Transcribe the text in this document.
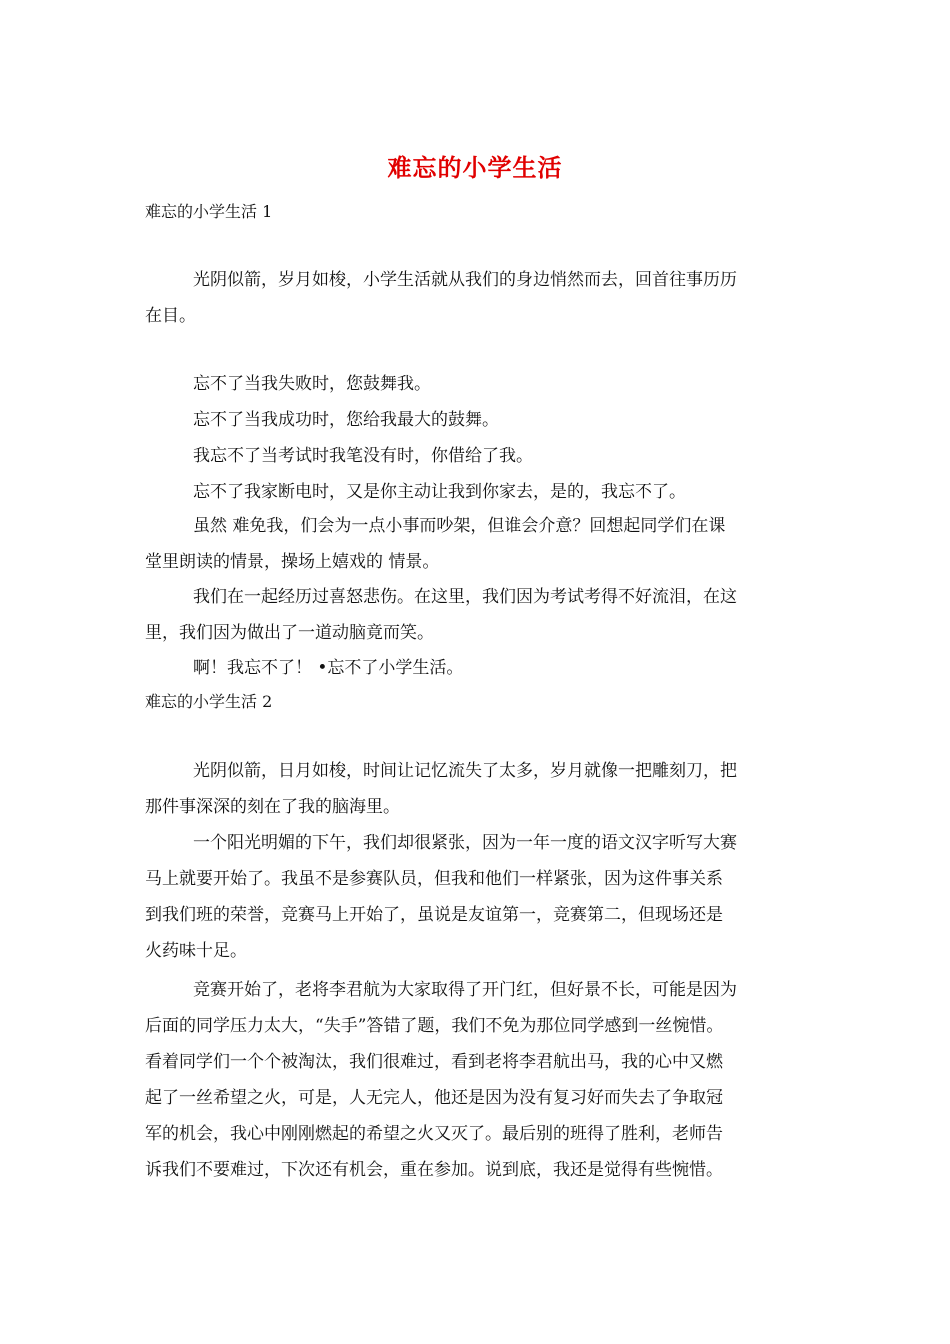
难忘的小学生活
难忘的小学生活 1
光阴似箭，岁月如梭，小学生活就从我们的身边悄然而去，回首往事历历
在目。
忘不了当我失败时，您鼓舞我。
忘不了当我成功时，您给我最大的鼓舞。
我忘不了当考试时我笔没有时，你借给了我。
忘不了我家断电时，又是你主动让我到你家去，是的，我忘不了。
虽然 难免我，们会为一点小事而吵架，但谁会介意？回想起同学们在课
堂里朗读的情景，操场上嬉戏的 情景。
我们在一起经历过喜怒悲伤。在这里，我们因为考试考得不好流泪，在这
里，我们因为做出了一道动脑竟而笑。
啊！我忘不了！ •忘不了小学生活。
难忘的小学生活 2
光阴似箭，日月如梭，时间让记忆流失了太多，岁月就像一把雕刻刀，把
那件事深深的刻在了我的脑海里。
一个阳光明媚的下午，我们却很紧张，因为一年一度的语文汉字听写大赛
马上就要开始了。我虽不是参赛队员，但我和他们一样紧张，因为这件事关系
到我们班的荣誉，竞赛马上开始了，虽说是友谊第一，竞赛第二，但现场还是
火药味十足。
竞赛开始了，老将李君航为大家取得了开门红，但好景不长，可能是因为
后面的同学压力太大，“失手”答错了题，我们不免为那位同学感到一丝惋惜。
看着同学们一个个被淘汰，我们很难过，看到老将李君航出马，我的心中又燃
起了一丝希望之火，可是，人无完人，他还是因为没有复习好而失去了争取冠
军的机会，我心中刚刚燃起的希望之火又灭了。最后别的班得了胜利，老师告
诉我们不要难过，下次还有机会，重在参加。说到底，我还是觉得有些惋惜。
